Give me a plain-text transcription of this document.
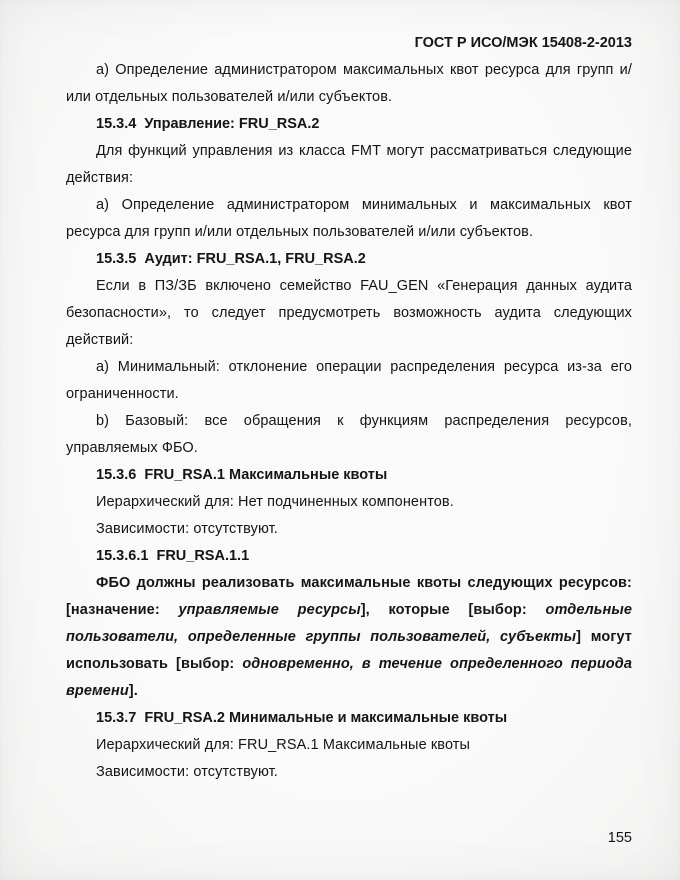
ГОСТ Р ИСО/МЭК 15408-2-2013

а) Определение администратором максимальных квот ресурса для групп и/или отдельных пользователей и/или субъектов.

15.3.4  Управление: FRU_RSA.2

Для функций управления из класса FMT могут рассматриваться следующие действия:

а) Определение администратором минимальных и максимальных квот ресурса для групп и/или отдельных пользователей и/или субъектов.

15.3.5  Аудит: FRU_RSA.1, FRU_RSA.2

Если в ПЗ/ЗБ включено семейство FAU_GEN «Генерация данных аудита безопасности», то следует предусмотреть возможность аудита следующих действий:

а) Минимальный: отклонение операции распределения ресурса из-за его ограниченности.

b) Базовый: все обращения к функциям распределения ресурсов, управляемых ФБО.

15.3.6  FRU_RSA.1 Максимальные квоты

Иерархический для: Нет подчиненных компонентов.

Зависимости: отсутствуют.

15.3.6.1  FRU_RSA.1.1

ФБО должны реализовать максимальные квоты следующих ресурсов: [назначение: управляемые ресурсы], которые [выбор: отдельные пользователи, определенные группы пользователей, субъекты] могут использовать [выбор: одновременно, в течение определенного периода времени].

15.3.7  FRU_RSA.2 Минимальные и максимальные квоты

Иерархический для: FRU_RSA.1 Максимальные квоты

Зависимости: отсутствуют.

155
